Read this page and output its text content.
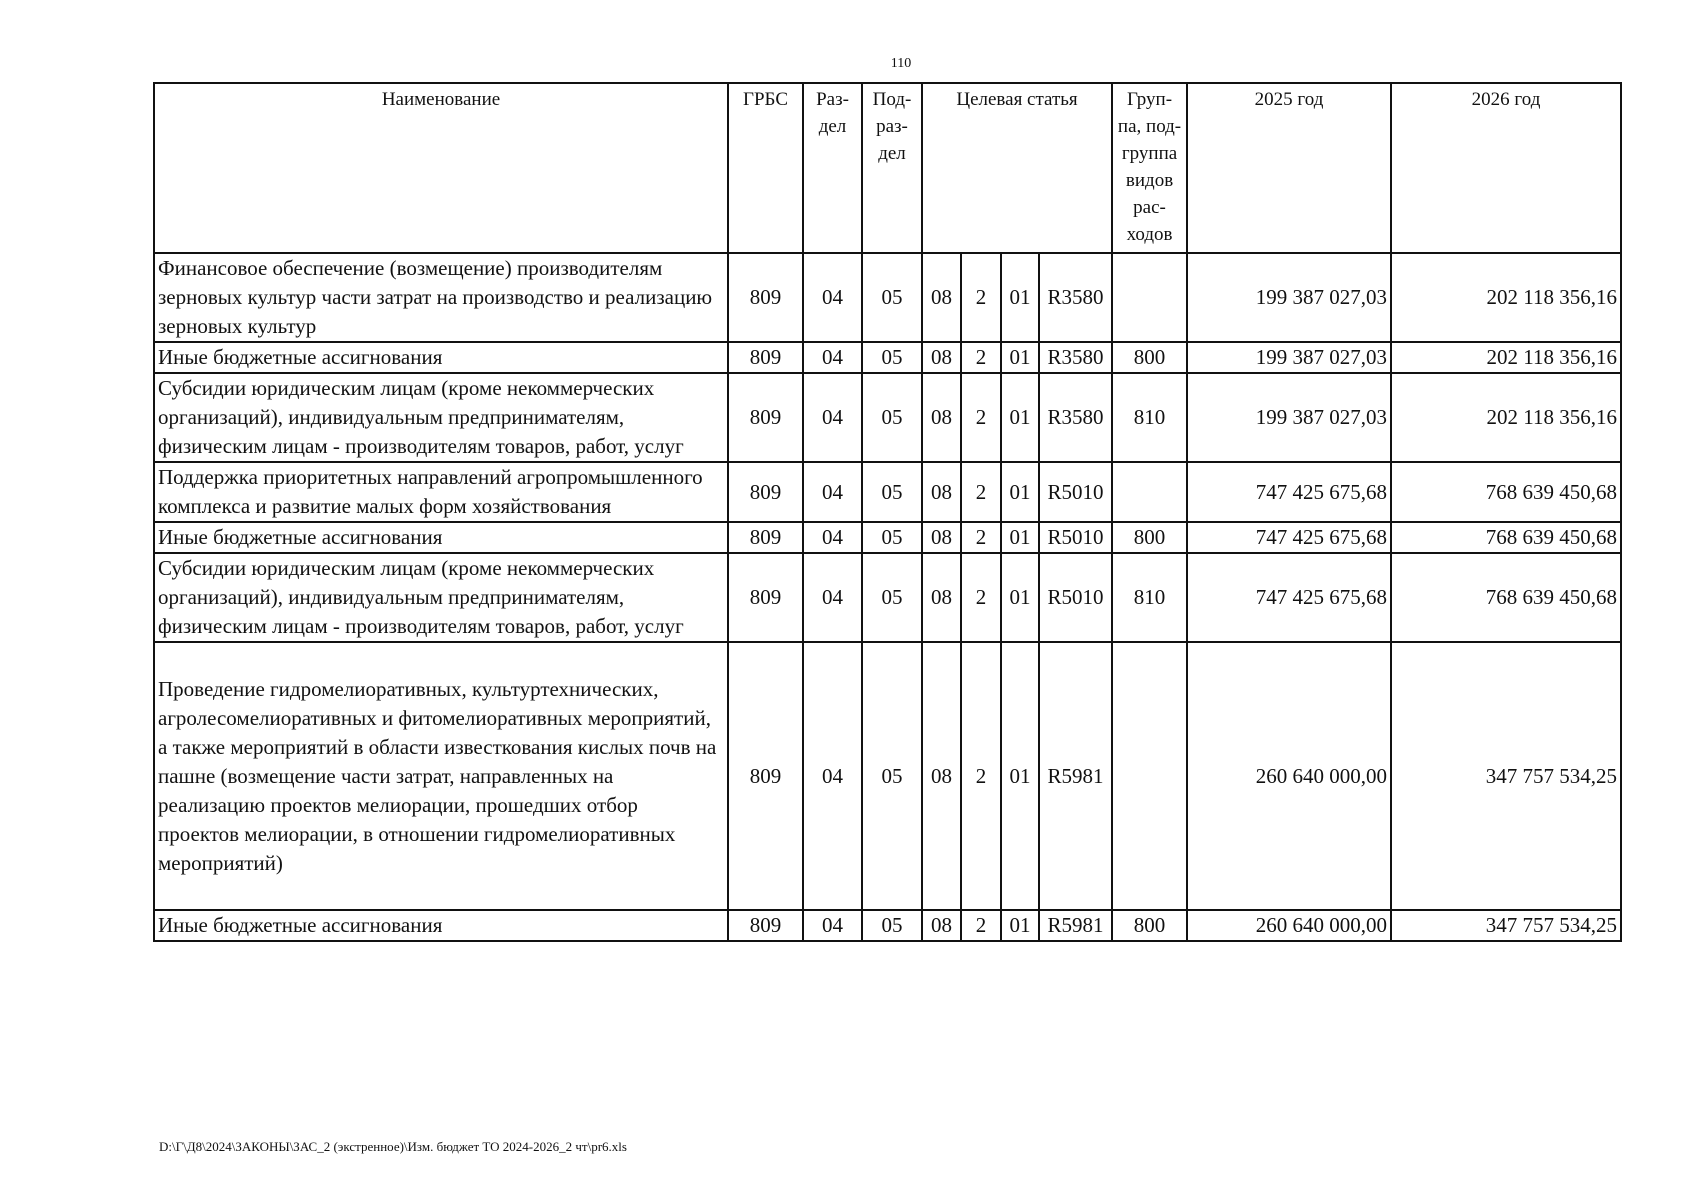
110
Наименование	ГРБС	Раз-дел	Под-раз-дел	Целевая статья				Груп-па, под-группа видов рас-ходов	2025 год	2026 год
Финансовое обеспечение (возмещение) производителям зерновых культур части затрат на производство и реализацию зерновых культур	809	04	05	08	2	01	R3580		199 387 027,03	202 118 356,16
Иные бюджетные ассигнования	809	04	05	08	2	01	R3580	800	199 387 027,03	202 118 356,16
Субсидии юридическим лицам (кроме некоммерческих организаций), индивидуальным предпринимателям, физическим лицам - производителям товаров, работ, услуг	809	04	05	08	2	01	R3580	810	199 387 027,03	202 118 356,16
Поддержка приоритетных направлений агропромышленного комплекса и развитие малых форм хозяйствования	809	04	05	08	2	01	R5010		747 425 675,68	768 639 450,68
Иные бюджетные ассигнования	809	04	05	08	2	01	R5010	800	747 425 675,68	768 639 450,68
Субсидии юридическим лицам (кроме некоммерческих организаций), индивидуальным предпринимателям, физическим лицам - производителям товаров, работ, услуг	809	04	05	08	2	01	R5010	810	747 425 675,68	768 639 450,68
Проведение гидромелиоративных, культуртехнических, агролесомелиоративных и фитомелиоративных мероприятий, а также мероприятий в области известкования кислых почв на пашне (возмещение части затрат, направленных на реализацию проектов мелиорации, прошедших отбор проектов мелиорации, в отношении гидромелиоративных мероприятий)	809	04	05	08	2	01	R5981		260 640 000,00	347 757 534,25
Иные бюджетные ассигнования	809	04	05	08	2	01	R5981	800	260 640 000,00	347 757 534,25
D:\Г\Д8\2024\ЗАКОНЫ\ЗАС_2 (экстренное)\Изм. бюджет ТО 2024-2026_2 чт\pr6.xls
